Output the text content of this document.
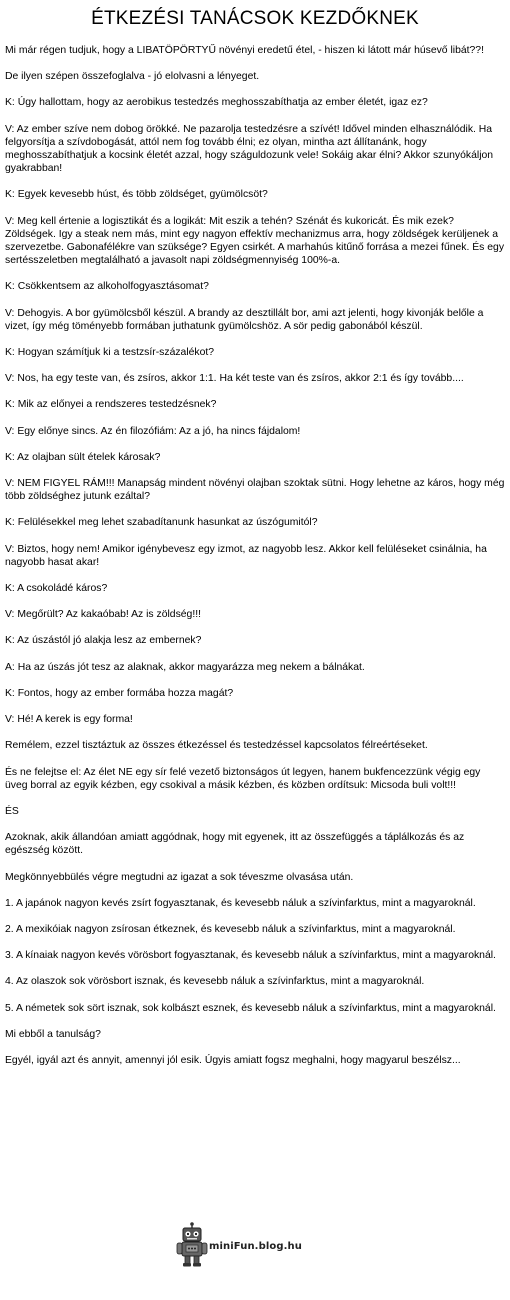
ÉTKEZÉSI TANÁCSOK KEZDŐKNEK

Mi már régen tudjuk, hogy a LIBATÖPÖRTYŰ növényi eredetű étel, - hiszen ki látott már húsevő libát??!

De ilyen szépen összefoglalva - jó elolvasni a lényeget.

K: Úgy hallottam, hogy az aerobikus testedzés meghosszabíthatja az ember életét, igaz ez?

V: Az ember szíve nem dobog örökké. Ne pazarolja testedzésre a szívét! Idővel minden elhasználódik. Ha felgyorsítja a szívdobogását, attól nem fog tovább élni; ez olyan, mintha azt állítanánk, hogy meghosszabíthatjuk a kocsink életét azzal, hogy száguldozunk vele! Sokáig akar élni? Akkor szunyókáljon gyakrabban!

K: Egyek kevesebb húst, és több zöldséget, gyümölcsöt?

V: Meg kell értenie a logisztikát és a logikát: Mit eszik a tehén? Szénát és kukoricát. És mik ezek? Zöldségek. Igy a steak nem más, mint egy nagyon effektív mechanizmus arra, hogy zöldségek kerüljenek a szervezetbe. Gabonafélékre van szüksége? Egyen csirkét. A marhahús kitűnő forrása a mezei fűnek. És egy sertésszeletben megtalálható a javasolt napi zöldségmennyiség 100%-a.

K: Csökkentsem az alkoholfogyasztásomat?

V: Dehogyis. A bor gyümölcsből készül. A brandy az desztillált bor, ami azt jelenti, hogy kivonják belőle a vizet, így még töményebb formában juthatunk gyümölcshöz. A sör pedig gabonából készül.

K: Hogyan számítjuk ki a testzsír-százalékot?

V: Nos, ha egy teste van, és zsíros, akkor 1:1. Ha két teste van és zsíros, akkor 2:1 és így tovább....

K: Mik az előnyei a rendszeres testedzésnek?

V: Egy előnye sincs. Az én filozófiám: Az a jó, ha nincs fájdalom!

K: Az olajban sült ételek károsak?

V: NEM FIGYEL RÁM!!! Manapság mindent növényi olajban szoktak sütni. Hogy lehetne az káros, hogy még több zöldséghez jutunk ezáltal?

K: Felülésekkel meg lehet szabadítanunk hasunkat az úszógumitól?

V: Biztos, hogy nem! Amikor igénybevesz egy izmot, az nagyobb lesz. Akkor kell felüléseket csinálnia, ha nagyobb hasat akar!

K: A csokoládé káros?

V: Megőrült? Az kakaóbab! Az is zöldség!!!

K: Az úszástól jó alakja lesz az embernek?

A: Ha az úszás jót tesz az alaknak, akkor magyarázza meg nekem a bálnákat.

K: Fontos, hogy az ember formába hozza magát?

V: Hé! A kerek is egy forma!

Remélem, ezzel tisztáztuk az összes étkezéssel és testedzéssel kapcsolatos félreértéseket.

És ne felejtse el: Az élet NE egy sír felé vezető biztonságos út legyen, hanem bukfencezzünk végig egy üveg borral az egyik kézben, egy csokival a másik kézben, és közben ordítsuk: Micsoda buli volt!!!

ÉS

Azoknak, akik állandóan amiatt aggódnak, hogy mit egyenek, itt az összefüggés a táplálkozás és az egészség között.

Megkönnyebbülés végre megtudni az igazat a sok téveszme olvasása után.

1. A japánok nagyon kevés zsírt fogyasztanak, és kevesebb náluk a szívinfarktus, mint a magyaroknál.

2. A mexikóiak nagyon zsírosan étkeznek, és kevesebb náluk a szívinfarktus, mint a magyaroknál.

3. A kínaiak nagyon kevés vörösbort fogyasztanak, és kevesebb náluk a szívinfarktus, mint a magyaroknál.

4. Az olaszok sok vörösbort isznak, és kevesebb náluk a szívinfarktus, mint a magyaroknál.

5. A németek sok sört isznak, sok kolbászt esznek, és kevesebb náluk a szívinfarktus, mint a magyaroknál.

Mi ebből a tanulság?

Egyél, igyál azt és annyit, amennyi jól esik. Úgyis amiatt fogsz meghalni, hogy magyarul beszélsz...

miniFun.blog.hu
